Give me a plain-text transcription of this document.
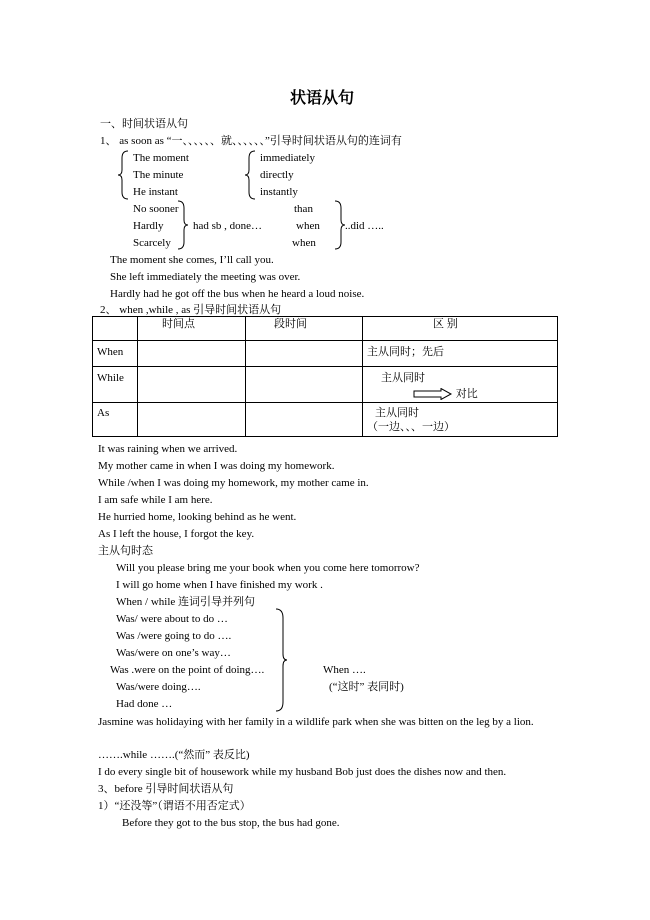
状语从句
一、时间状语从句
1、 as soon as “一、、、、、、就、、、、、、”引导时间状语从句的连词有
The moment
The minute
He instant
immediately
directly
instantly
No sooner
Hardly
Scarcely
had sb , done…
than
when
when
..did …..
The moment she comes, I’ll call you.
She left immediately the meeting was over.
Hardly had he got off the bus when he heard a loud noise.
2、 when ,while , as 引导时间状语从句
	时间点	段时间	区 别
When			主从同时；先后
While			主从同时
对比

As			主从同时
（一边、、、一边）
It was raining when we arrived.
My mother came in when I was doing my homework.
While /when I was doing my homework, my mother came in.
I am safe while I am here.
He hurried home, looking behind as he went.
As I left the house, I forgot the key.
主从句时态
Will you please bring me your book when you come here tomorrow?
I will go home when I have finished my work .
When / while 连词引导并列句
Was/ were about to do …
Was /were going to do ….
Was/were on one’s way…
Was .were on the point of doing….
Was/were doing….
Had done …
When ….
(“这时” 表同时)
Jasmine was holidaying with her family in a wildlife park when she was bitten on the leg by a lion.
…….while …….(“然而” 表反比)
I do every single bit of housework while my husband Bob just does the dishes now and then.
3、before 引导时间状语从句
1）“还没等”（谓语不用否定式）
Before they got to the bus stop, the bus had gone.
